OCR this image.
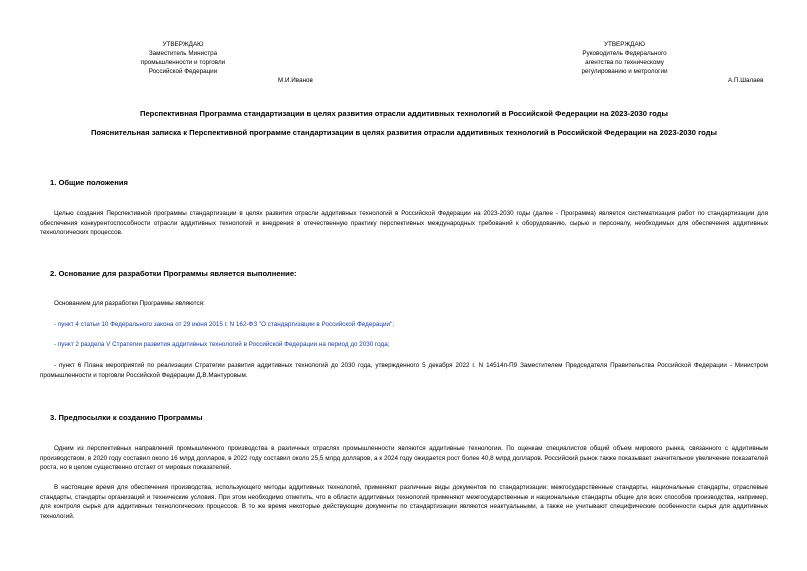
УТВЕРЖДАЮ
Заместитель Министра
промышленности и торговли
Российской Федерации
М.И.Иванов
УТВЕРЖДАЮ
Руководитель Федерального
агентства по техническому
регулированию и метрологии
А.П.Шалаев
Перспективная Программа стандартизации в целях развития отрасли аддитивных технологий в Российской Федерации на 2023-2030 годы
Пояснительная записка к Перспективной программе стандартизации в целях развития отрасли аддитивных технологий в Российской Федерации на 2023-2030 годы
1. Общие положения
Целью создания Перспективной программы стандартизации в целях развития отрасли аддитивных технологий в Российской Федерации на 2023-2030 годы (далее - Программа) является систематизация работ по стандартизации для обеспечения конкурентоспособности отрасли аддитивных технологий и внедрения в отечественную практику перспективных международных требований к оборудованию, сырью и персоналу, необходимых для обеспечения аддитивных технологических процессов.
2. Основание для разработки Программы является выполнение:
Основанием для разработки Программы являются:
- пункт 4 статьи 10 Федерального закона от 29 июня 2015 г. N 162-ФЗ "О стандартизации в Российской Федерации";
- пункт 2 раздела V Стратегии развития аддитивных технологий в Российской Федерации на период до 2030 года;
- пункт 6 Плана мероприятий по реализации Стратегии развития аддитивных технологий до 2030 года, утвержденного 5 декабря 2022 г. N 14514п-П9 Заместителем Председателя Правительства Российской Федерации - Министром промышленности и торговли Российской Федерации Д.В.Мантуровым.
3. Предпосылки к созданию Программы
Одним из перспективных направлений промышленного производства в различных отраслях промышленности являются аддитивные технологии. По оценкам специалистов общий объем мирового рынка, связанного с аддитивным производством, в 2020 году составил около 16 млрд долларов, в 2022 году составил около 25,5 млрд долларов, а к 2024 году ожидается рост более 40,8 млрд долларов. Российский рынок также показывает значительное увеличение показателей роста, но в целом существенно отстает от мировых показателей.
В настоящее время для обеспечения производства, использующего методы аддитивных технологий, применяют различные виды документов по стандартизации: межгосударственные стандарты, национальные стандарты, отраслевые стандарты, стандарты организаций и технические условия. При этом необходимо отметить, что в области аддитивных технологий применяют межгосударственные и национальные стандарты общие для всех способов производства, например, для контроля сырья для аддитивных технологических процессов. В то же время некоторые действующие документы по стандартизации являются неактуальными, а также не учитывают специфические особенности сырья для аддитивных технологий.
